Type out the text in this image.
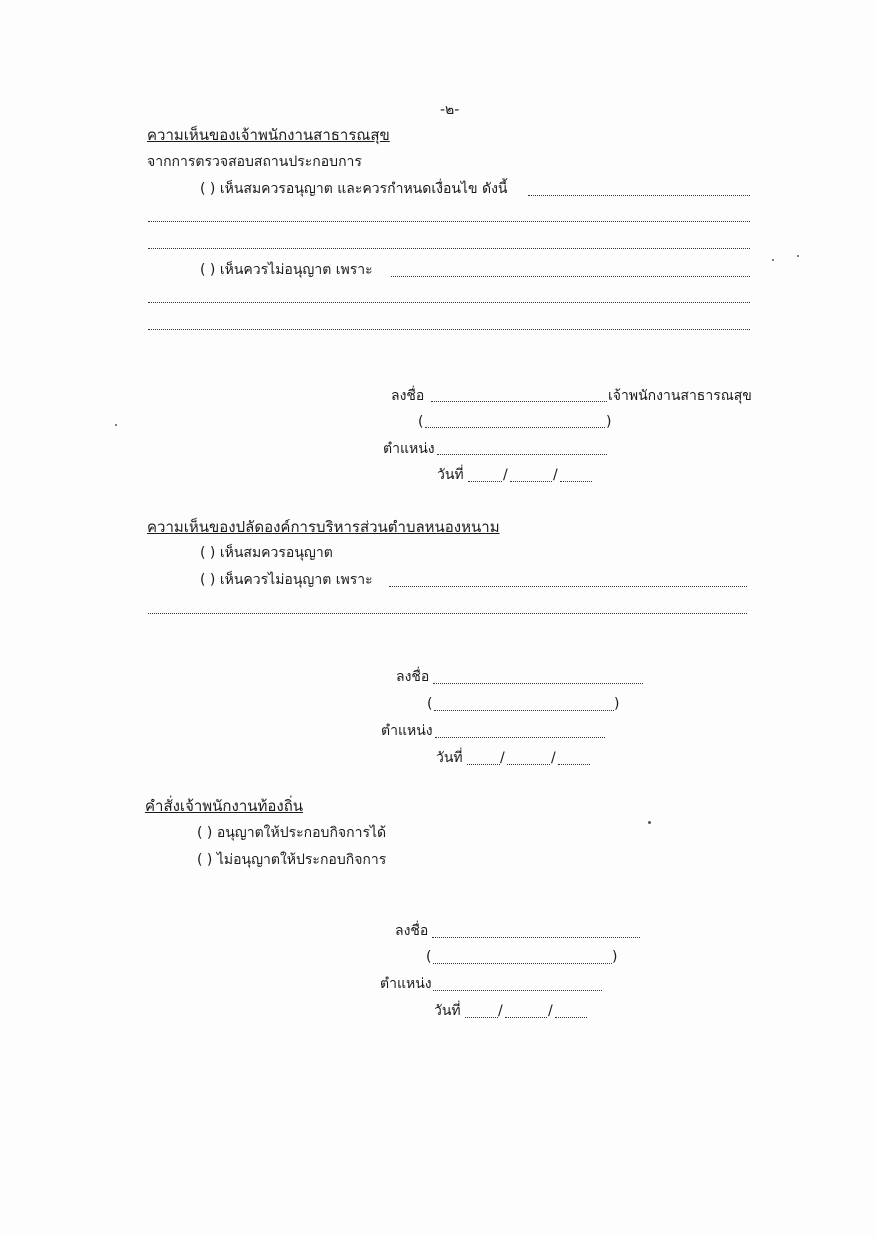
-๒-
ความเห็นของเจ้าพนักงานสาธารณสุข
จากการตรวจสอบสถานประกอบการ
( ) เห็นสมควรอนุญาต และควรกำหนดเงื่อนไข ดังนี้
( ) เห็นควรไม่อนุญาต เพราะ
ลงชื่อ	เจ้าพนักงานสาธารณสุข
(	)
ตำแหน่ง
วันที่	/	/
ความเห็นของปลัดองค์การบริหารส่วนตำบลหนองหนาม
( ) เห็นสมควรอนุญาต
( ) เห็นควรไม่อนุญาต เพราะ
ลงชื่อ
(	)
ตำแหน่ง
วันที่	/	/
คำสั่งเจ้าพนักงานท้องถิ่น
( ) อนุญาตให้ประกอบกิจการได้
( ) ไม่อนุญาตให้ประกอบกิจการ
ลงชื่อ
(	)
ตำแหน่ง
วันที่	/	/
